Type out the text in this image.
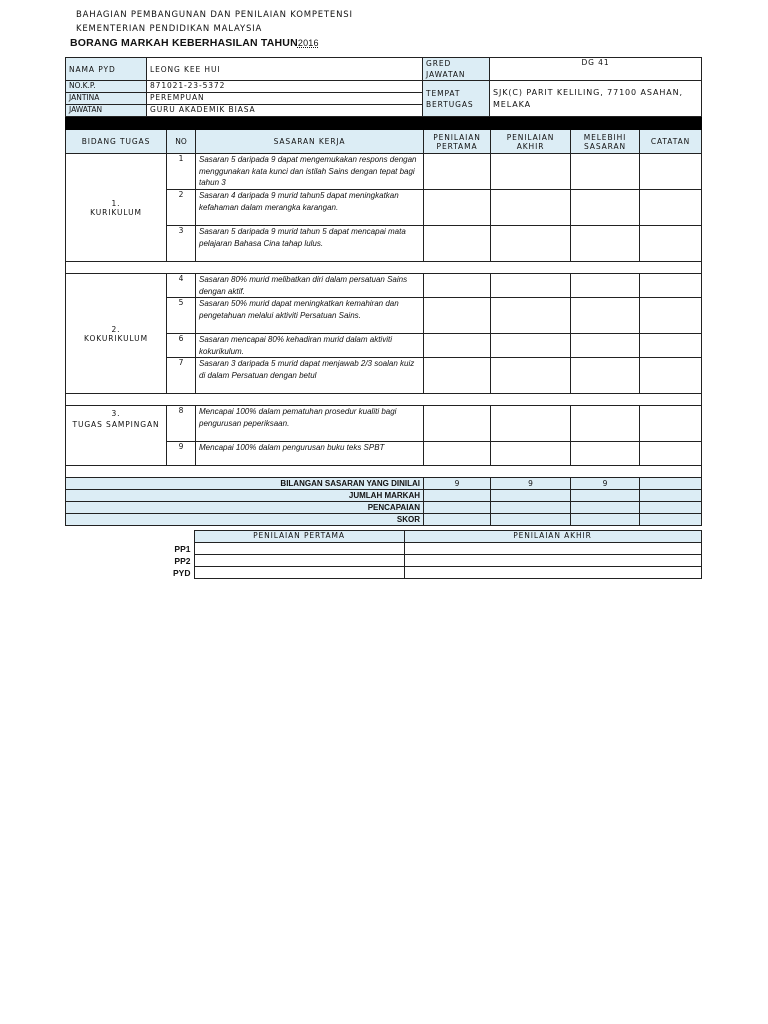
BAHAGIAN PEMBANGUNAN DAN PENILAIAN KOMPETENSI
KEMENTERIAN PENDIDIKAN MALAYSIA
BORANG MARKAH KEBERHASILAN TAHUN2016
NAMA PYD	LEONG KEE HUI	GRED JAWATAN	DG 41
NO.K.P.	871021-23-5372	TEMPAT BERTUGAS	SJK(C) PARIT KELILING, 77100 ASAHAN, MELAKA
JANTINA	PEREMPUAN		
JAWATAN	GURU AKADEMIK BIASA		

BIDANG TUGAS	NO	SASARAN KERJA	PENILAIAN PERTAMA	PENILAIAN AKHIR	MELEBIHI SASARAN	CATATAN
1.
KURIKULUM	1	Sasaran 5 daripada 9 dapat mengemukakan respons dengan menggunakan kata kunci dan istilah Sains dengan tepat bagi tahun 3				
	2	Sasaran 4 daripada 9 murid tahun5 dapat meningkatkan kefahaman dalam merangka karangan.				
	3	Sasaran 5 daripada 9 murid tahun 5 dapat mencapai mata pelajaran Bahasa Cina tahap lulus.				

2.
KOKURIKULUM	4	Sasaran 80% murid melibatkan diri dalam persatuan Sains dengan aktif.				
	5	Sasaran 50% murid dapat meningkatkan kemahiran dan pengetahuan melalui aktiviti Persatuan Sains.				
	6	Sasaran mencapai 80% kehadiran murid dalam aktiviti kokurikulum.				
	7	Sasaran 3 daripada 5 murid dapat menjawab 2/3 soalan kuiz di dalam Persatuan dengan betul				

3.
TUGAS SAMPINGAN	8	Mencapai 100% dalam pematuhan prosedur kualiti bagi pengurusan peperiksaan.				
	9	Mencapai 100% dalam pengurusan buku teks SPBT				

BILANGAN SASARAN YANG DINILAI			9	9	9	
JUMLAH MARKAH						
PENCAPAIAN						
SKOR						
	PENILAIAN PERTAMA	PENILAIAN AKHIR
PP1		
PP2		
PYD		
